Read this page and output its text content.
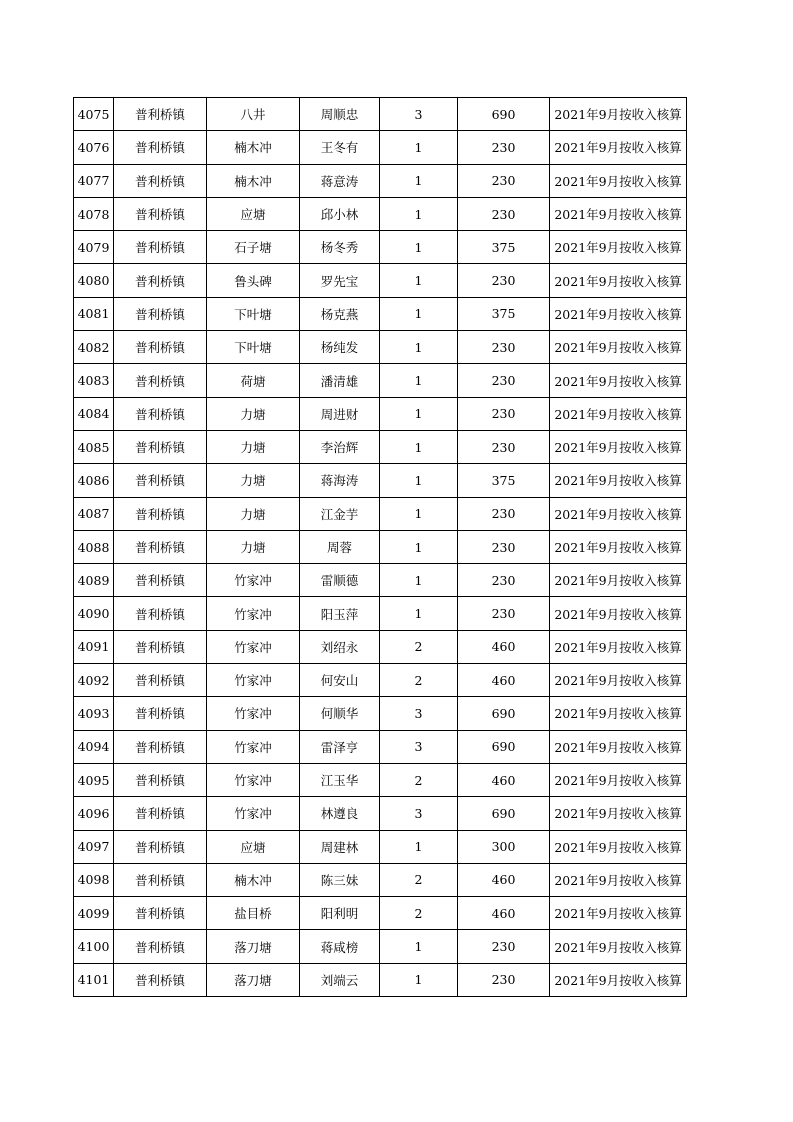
4075	普利桥镇	八井	周顺忠	3	690	2021年9月按收入核算
4076	普利桥镇	楠木冲	王冬有	1	230	2021年9月按收入核算
4077	普利桥镇	楠木冲	蒋意涛	1	230	2021年9月按收入核算
4078	普利桥镇	应塘	邱小林	1	230	2021年9月按收入核算
4079	普利桥镇	石子塘	杨冬秀	1	375	2021年9月按收入核算
4080	普利桥镇	鲁头碑	罗先宝	1	230	2021年9月按收入核算
4081	普利桥镇	下叶塘	杨克燕	1	375	2021年9月按收入核算
4082	普利桥镇	下叶塘	杨纯发	1	230	2021年9月按收入核算
4083	普利桥镇	荷塘	潘清雄	1	230	2021年9月按收入核算
4084	普利桥镇	力塘	周进财	1	230	2021年9月按收入核算
4085	普利桥镇	力塘	李治辉	1	230	2021年9月按收入核算
4086	普利桥镇	力塘	蒋海涛	1	375	2021年9月按收入核算
4087	普利桥镇	力塘	江金芋	1	230	2021年9月按收入核算
4088	普利桥镇	力塘	周蓉	1	230	2021年9月按收入核算
4089	普利桥镇	竹家冲	雷顺德	1	230	2021年9月按收入核算
4090	普利桥镇	竹家冲	阳玉萍	1	230	2021年9月按收入核算
4091	普利桥镇	竹家冲	刘绍永	2	460	2021年9月按收入核算
4092	普利桥镇	竹家冲	何安山	2	460	2021年9月按收入核算
4093	普利桥镇	竹家冲	何顺华	3	690	2021年9月按收入核算
4094	普利桥镇	竹家冲	雷泽亨	3	690	2021年9月按收入核算
4095	普利桥镇	竹家冲	江玉华	2	460	2021年9月按收入核算
4096	普利桥镇	竹家冲	林遵良	3	690	2021年9月按收入核算
4097	普利桥镇	应塘	周建林	1	300	2021年9月按收入核算
4098	普利桥镇	楠木冲	陈三妹	2	460	2021年9月按收入核算
4099	普利桥镇	盐目桥	阳利明	2	460	2021年9月按收入核算
4100	普利桥镇	落刀塘	蒋咸榜	1	230	2021年9月按收入核算
4101	普利桥镇	落刀塘	刘端云	1	230	2021年9月按收入核算
